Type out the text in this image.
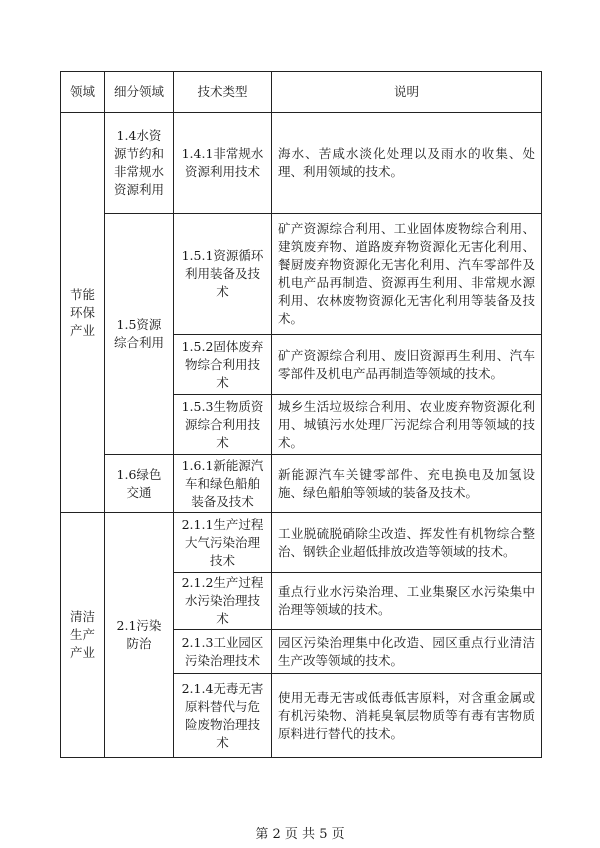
领域	细分领域	技术类型	说明
节能环保产业	1.4水资源节约和非常规水资源利用	1.4.1非常规水资源利用技术	海水、苦咸水淡化处理以及雨水的收集、处理、利用领域的技术。
	1.5资源综合利用	1.5.1资源循环利用装备及技术	矿产资源综合利用、工业固体废物综合利用、建筑废弃物、道路废弃物资源化无害化利用、餐厨废弃物资源化无害化利用、汽车零部件及机电产品再制造、资源再生利用、非常规水源利用、农林废物资源化无害化利用等装备及技术。
		1.5.2固体废弃物综合利用技术	矿产资源综合利用、废旧资源再生利用、汽车零部件及机电产品再制造等领域的技术。
		1.5.3生物质资源综合利用技术	城乡生活垃圾综合利用、农业废弃物资源化利用、城镇污水处理厂污泥综合利用等领域的技术。
	1.6绿色交通	1.6.1新能源汽车和绿色船舶装备及技术	新能源汽车关键零部件、充电换电及加氢设施、绿色船舶等领域的装备及技术。
清洁生产产业	2.1污染防治	2.1.1生产过程大气污染治理技术	工业脱硫脱硝除尘改造、挥发性有机物综合整治、钢铁企业超低排放改造等领域的技术。
		2.1.2生产过程水污染治理技术	重点行业水污染治理、工业集聚区水污染集中治理等领域的技术。
		2.1.3工业园区污染治理技术	园区污染治理集中化改造、园区重点行业清洁生产改等领域的技术。
		2.1.4无毒无害原料替代与危险废物治理技术	使用无毒无害或低毒低害原料，对含重金属或有机污染物、消耗臭氧层物质等有毒有害物质原料进行替代的技术。
第 2 页 共 5 页
